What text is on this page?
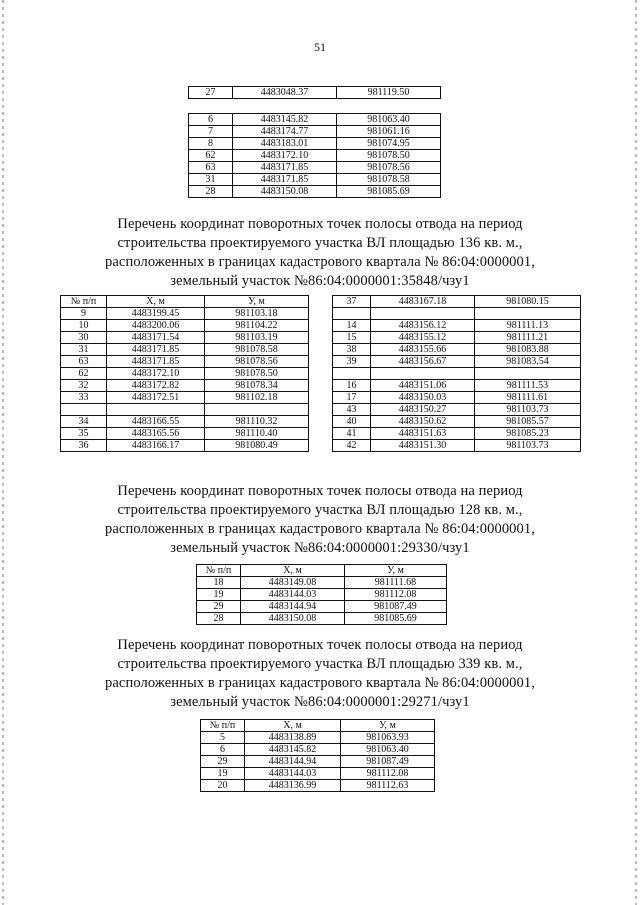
51
27	4483048.37	981119.50
6	4483145.82	981063.40
7	4483174.77	981061.16
8	4483183.01	981074.95
62	4483172.10	981078.50
63	4483171.85	981078.56
31	4483171.85	981078.58
28	4483150.08	981085.69
Перечень координат поворотных точек полосы отвода на период
строительства проектируемого участка ВЛ площадью 136 кв. м.,
расположенных в границах кадастрового квартала № 86:04:0000001,
земельный участок №86:04:0000001:35848/чзу1
№ п/п	X, м	У, м
9	4483199.45	981103.18
10	4483200.06	981104.22
30	4483171.54	981103.19
31	4483171.85	981078.58
63	4483171.85	981078.56
62	4483172.10	981078.50
32	4483172.82	981078.34
33	4483172.51	981102.18

34	4483166.55	981110.32
35	4483165.56	981110.40
36	4483166.17	981080.49
37	4483167.18	981080.15

14	4483156.12	981111.13
15	4483155.12	981111.21
38	4483155.66	981083.88
39	4483156.67	981083.54

16	4483151.06	981111.53
17	4483150.03	981111.61
43	4483150.27	981103.73
40	4483150.62	981085.57
41	4483151.63	981085.23
42	4483151.30	981103.73
Перечень координат поворотных точек полосы отвода на период
строительства проектируемого участка ВЛ площадью 128 кв. м.,
расположенных в границах кадастрового квартала № 86:04:0000001,
земельный участок №86:04:0000001:29330/чзу1
№ п/п	X, м	У, м
18	4483149.08	981111.68
19	4483144.03	981112.08
29	4483144.94	981087.49
28	4483150.08	981085.69
Перечень координат поворотных точек полосы отвода на период
строительства проектируемого участка ВЛ площадью 339 кв. м.,
расположенных в границах кадастрового квартала № 86:04:0000001,
земельный участок №86:04:0000001:29271/чзу1
№ п/п	X, м	У, м
5	4483138.89	981063.93
6	4483145.82	981063.40
29	4483144.94	981087.49
19	4483144.03	981112.08
20	4483136.99	981112.63
